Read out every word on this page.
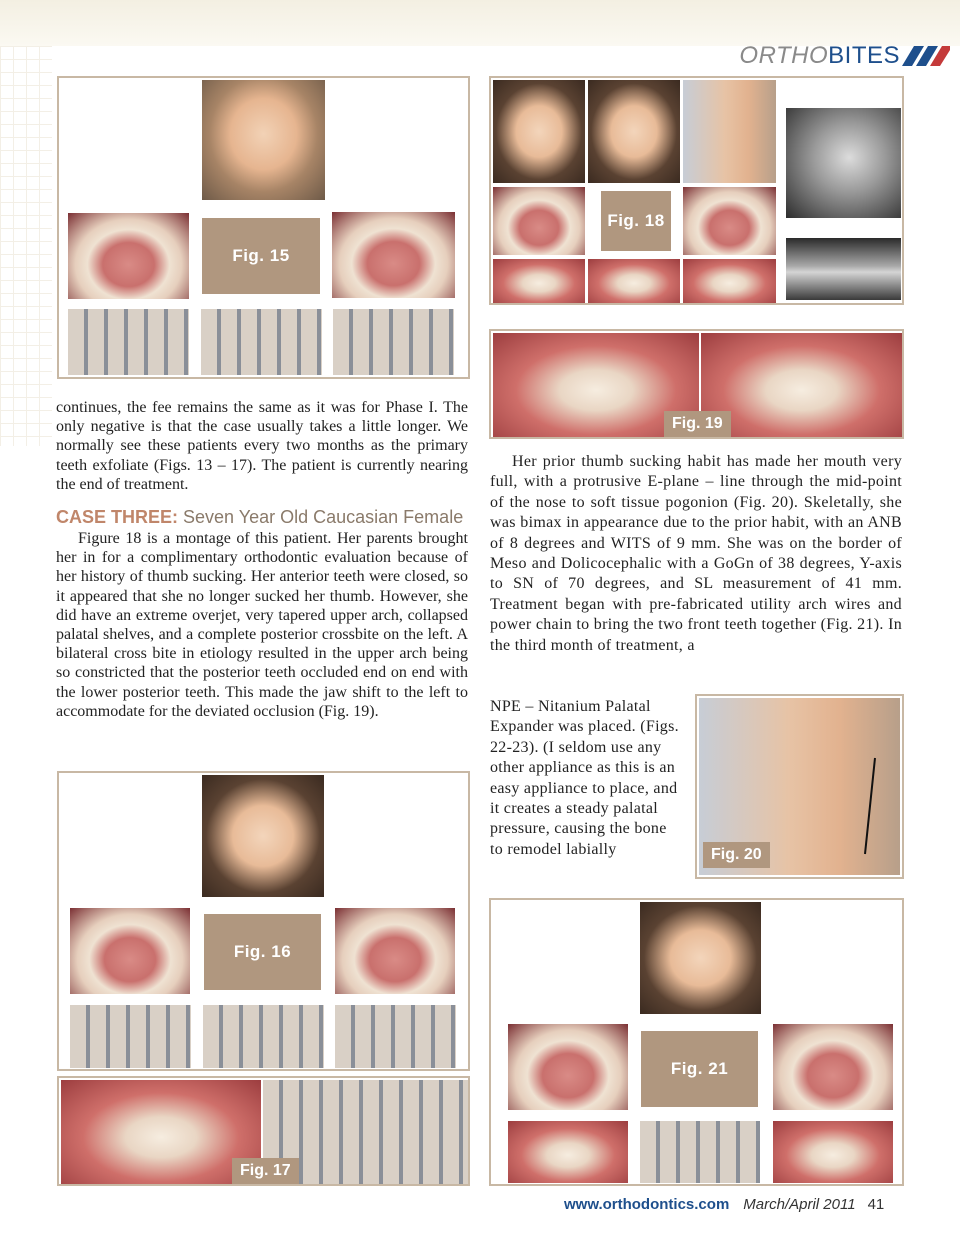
ORTHOBITES
Fig. 15

continues, the fee remains the same as it was for Phase I. The only negative is that the case usually takes a little longer. We normally see these patients every two months as the primary teeth exfoliate (Figs. 13 – 17). The patient is currently nearing the end of treatment.

CASE THREE: Seven Year Old Caucasian Female

Figure 18 is a montage of this patient. Her parents brought her in for a complimentary orthodontic evaluation because of her history of thumb sucking. Her anterior teeth were closed, so it appeared that she no longer sucked her thumb. However, she did have an extreme overjet, very tapered upper arch, collapsed palatal shelves, and a complete posterior crossbite on the left. A bilateral cross bite in etiology resulted in the upper arch being so constricted that the posterior teeth occluded end on end with the lower posterior teeth. This made the jaw shift to the left to accommodate for the deviated occlusion (Fig. 19).

Fig. 16
Fig. 17
Fig. 18
Fig. 19

Her prior thumb sucking habit has made her mouth very full, with a protrusive E-plane – line through the mid-point of the nose to soft tissue pogonion (Fig. 20). Skeletally, she was bimax in appearance due to the prior habit, with an ANB of 8 degrees and WITS of 9 mm. She was on the border of Meso and Dolicocephalic with a GoGn of 38 degrees, Y-axis to SN of 70 degrees, and SL measurement of 41 mm. Treatment began with pre-fabricated utility arch wires and power chain to bring the two front teeth together (Fig. 21). In the third month of treatment, a

NPE – Nitanium Palatal Expander was placed. (Figs. 22-23). (I seldom use any other appliance as this is an easy appliance to place, and it creates a steady palatal pressure, causing the bone to remodel labially	Fig. 20
Fig. 21
www.orthodontics.com March/April 2011 41
